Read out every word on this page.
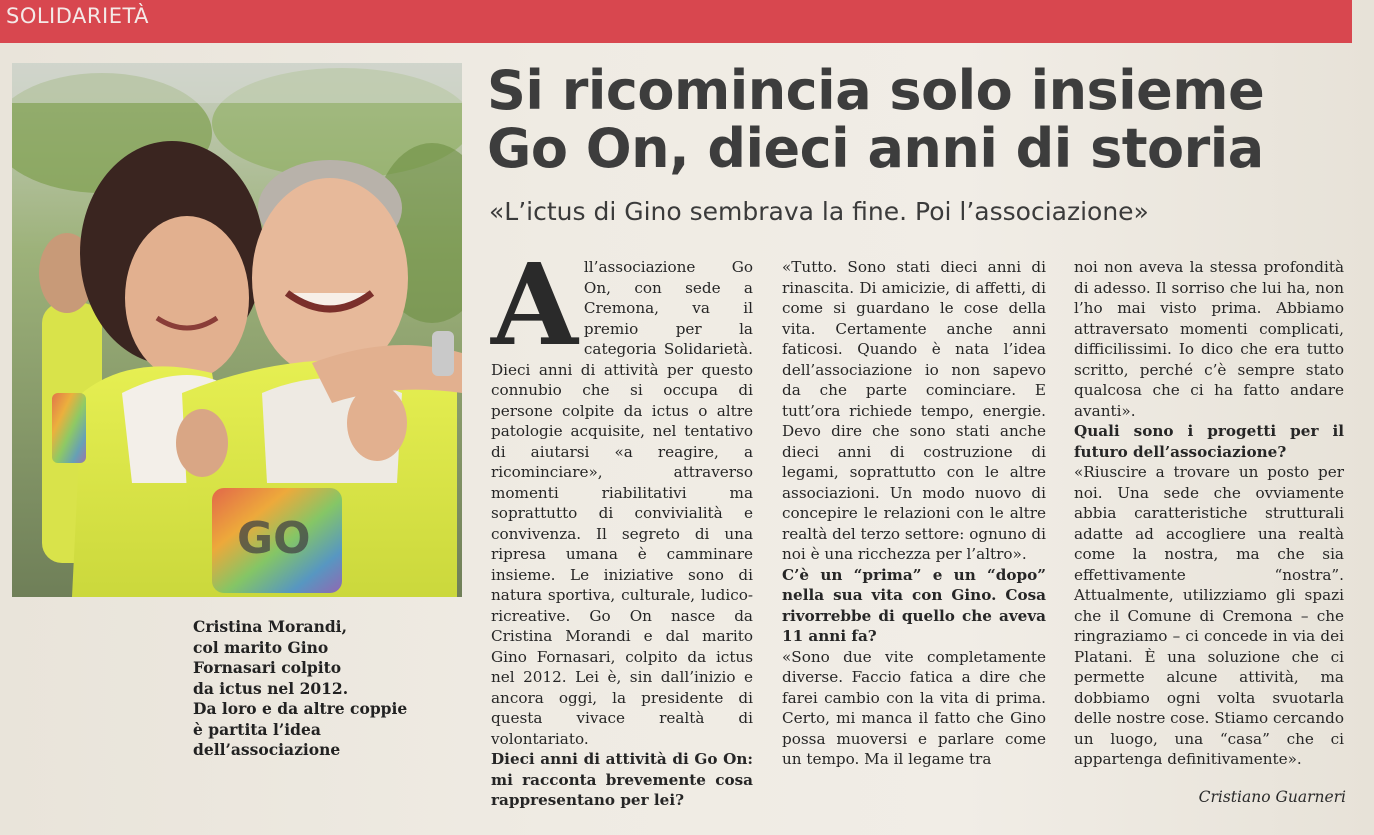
SOLIDARIETÀ
GO
Cristina Morandi,
col marito Gino
Fornasari colpito
da ictus nel 2012.
Da loro e da altre coppie
è partita l’idea
dell’associazione
Si ricomincia solo insieme
Go On, dieci anni di storia
«L’ictus di Gino sembrava la fine. Poi l’associazione»

All’associazione Go On, con sede a Cremona, va il premio per la categoria Solidarietà. Dieci anni di attività per questo connubio che si occupa di persone colpite da ictus o altre patologie acquisite, nel tentativo di aiutarsi «a reagire, a ricominciare», attraverso momenti riabilitativi ma soprattutto di convivialità e convivenza. Il segreto di una ripresa umana è camminare insieme. Le iniziative sono di natura sportiva, culturale, ludico-ricreative. Go On nasce da Cristina Morandi e dal marito Gino Fornasari, colpito da ictus nel 2012. Lei è, sin dall’inizio e ancora oggi, la presidente di questa vivace realtà di volontariato.

Dieci anni di attività di Go On: mi racconta brevemente cosa rappresentano per lei?

«Tutto. Sono stati dieci anni di rinascita. Di amicizie, di affetti, di come si guardano le cose della vita. Certamente anche anni faticosi. Quando è nata l’idea dell’associazione io non sapevo da che parte cominciare. E tutt’ora richiede tempo, energie. Devo dire che sono stati anche dieci anni di costruzione di legami, soprattutto con le altre associazioni. Un modo nuovo di concepire le relazioni con le altre realtà del terzo settore: ognuno di noi è una ricchezza per l’altro».

C’è un “prima” e un “dopo” nella sua vita con Gino. Cosa rivorrebbe di quello che aveva 11 anni fa?

«Sono due vite completamente diverse. Faccio fatica a dire che farei cambio con la vita di prima. Certo, mi manca il fatto che Gino possa muoversi e parlare come un tempo. Ma il legame tra

noi non aveva la stessa profondità di adesso. Il sorriso che lui ha, non l’ho mai visto prima. Abbiamo attraversato momenti complicati, difficilissimi. Io dico che era tutto scritto, perché c’è sempre stato qualcosa che ci ha fatto andare avanti».

Quali sono i progetti per il futuro dell’associazione?

«Riuscire a trovare un posto per noi. Una sede che ovviamente abbia caratteristiche strutturali adatte ad accogliere una realtà come la nostra, ma che sia effettivamente “nostra”. Attualmente, utilizziamo gli spazi che il Comune di Cremona – che ringraziamo – ci concede in via dei Platani. È una soluzione che ci permette alcune attività, ma dobbiamo ogni volta svuotarla delle nostre cose. Stiamo cercando un luogo, una “casa” che ci appartenga definitivamente».

Cristiano Guarneri
